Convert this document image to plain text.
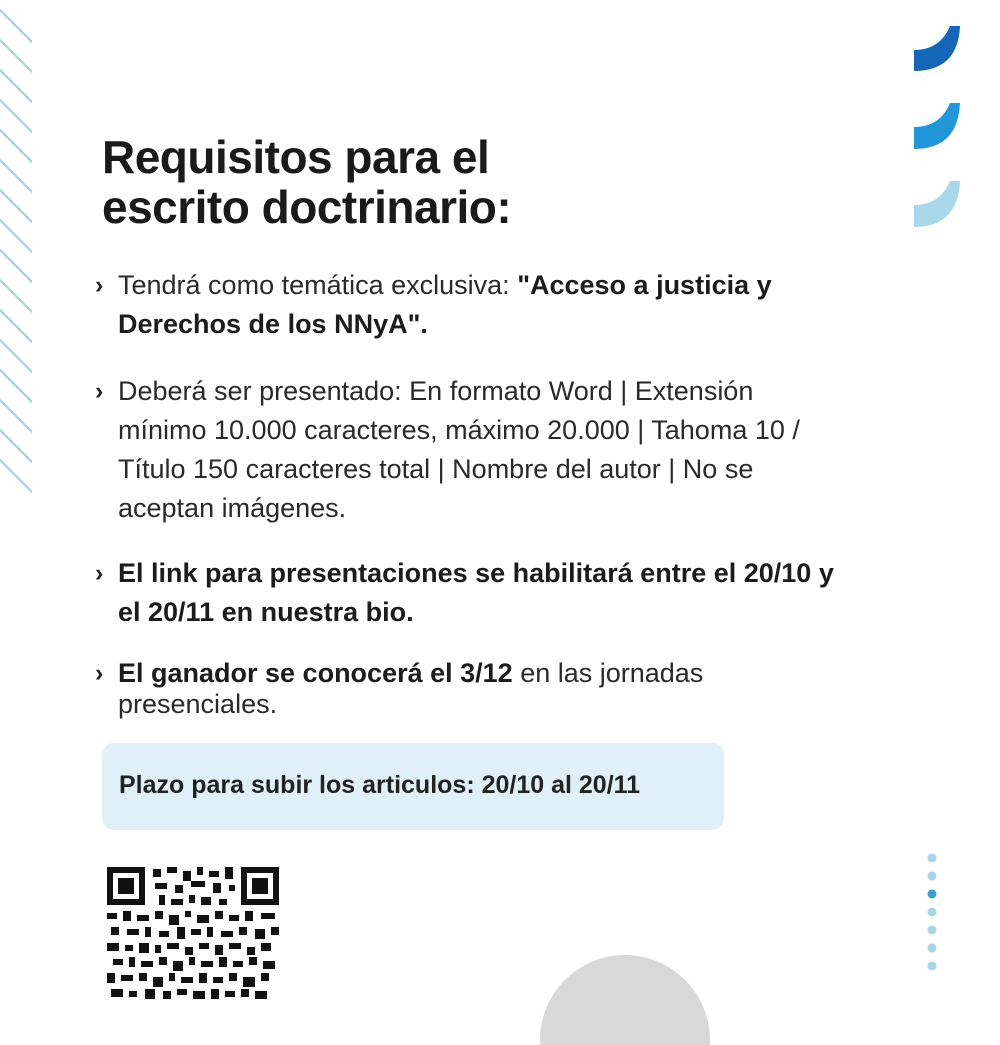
Requisitos para el
escrito doctrinario:
› Tendrá como temática exclusiva: "Acceso a justicia y Derechos de los NNyA".
› Deberá ser presentado: En formato Word | Extensión mínimo 10.000 caracteres, máximo 20.000 | Tahoma 10 / Título 150 caracteres total | Nombre del autor | No se aceptan imágenes.
› El link para presentaciones se habilitará entre el 20/10 y el 20/11 en nuestra bio.
› El ganador se conocerá el 3/12 en las jornadas presenciales.
Plazo para subir los articulos: 20/10 al 20/11
